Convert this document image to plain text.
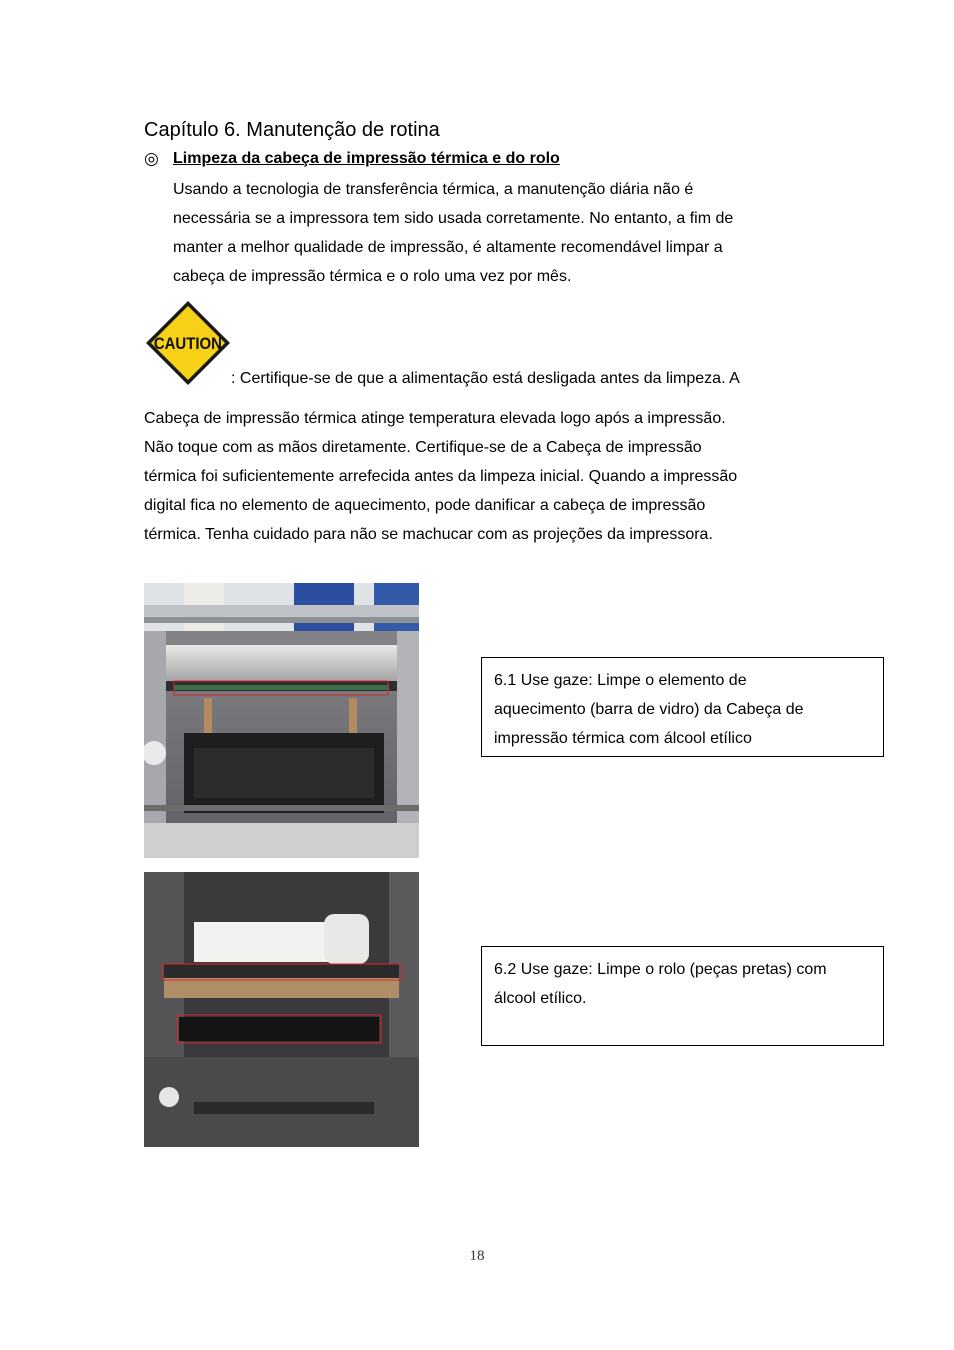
Capítulo 6. Manutenção de rotina
◎ Limpeza da cabeça de impressão térmica e do rolo
Usando a tecnologia de transferência térmica, a manutenção diária não é
necessária se a impressora tem sido usada corretamente. No entanto, a fim de
manter a melhor qualidade de impressão, é altamente recomendável limpar a
cabeça de impressão térmica e o rolo uma vez por mês.
CAUTION
: Certifique-se de que a alimentação está desligada antes da limpeza. A
Cabeça de impressão térmica atinge temperatura elevada logo após a impressão.
Não toque com as mãos diretamente. Certifique-se de a Cabeça de impressão
térmica foi suficientemente arrefecida antes da limpeza inicial. Quando a impressão
digital fica no elemento de aquecimento, pode danificar a cabeça de impressão
térmica. Tenha cuidado para não se machucar com as projeções da impressora.
6.1 Use gaze: Limpe o elemento de
aquecimento (barra de vidro) da Cabeça de
impressão térmica com álcool etílico
6.2 Use gaze: Limpe o rolo (peças pretas) com
álcool etílico.
18
